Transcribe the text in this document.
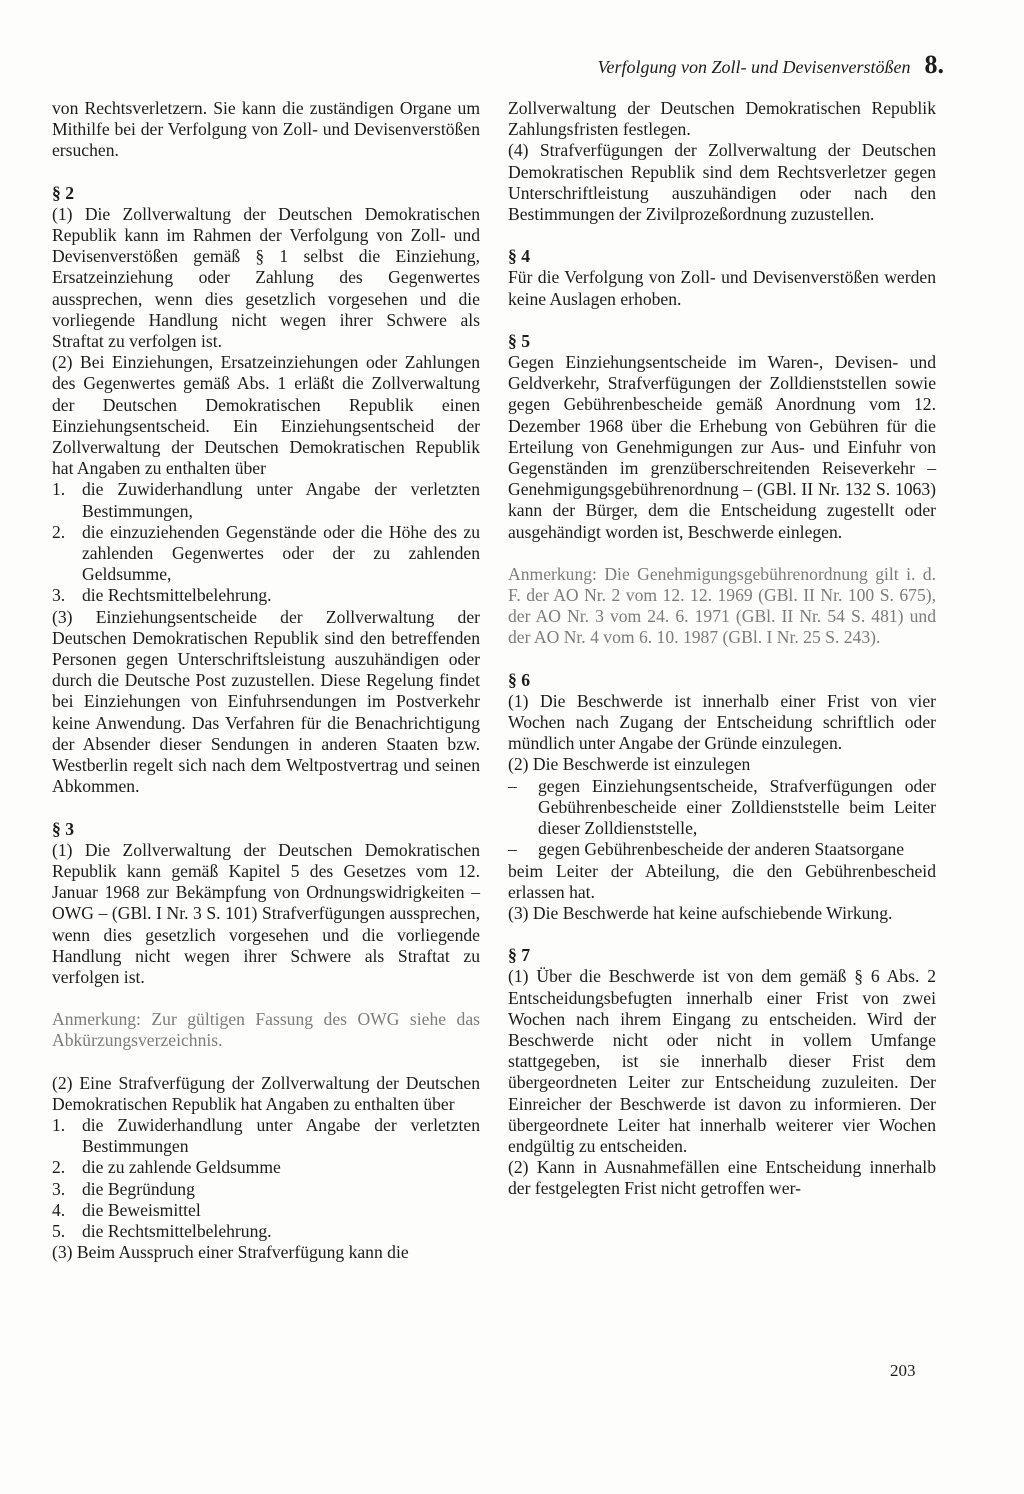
Verfolgung von Zoll- und Devisenverstößen 8.

von Rechtsverletzern. Sie kann die zuständigen Organe um Mithilfe bei der Verfolgung von Zoll- und Devisenverstößen ersuchen.

§ 2

(1) Die Zollverwaltung der Deutschen Demokratischen Republik kann im Rahmen der Verfolgung von Zoll- und Devisenverstößen gemäß § 1 selbst die Einziehung, Ersatzeinziehung oder Zahlung des Gegenwertes aussprechen, wenn dies gesetzlich vorgesehen und die vorliegende Handlung nicht wegen ihrer Schwere als Straftat zu verfolgen ist.

(2) Bei Einziehungen, Ersatzeinziehungen oder Zahlungen des Gegenwertes gemäß Abs. 1 erläßt die Zollverwaltung der Deutschen Demokratischen Republik einen Einziehungsentscheid. Ein Einziehungsentscheid der Zollverwaltung der Deutschen Demokratischen Republik hat Angaben zu enthalten über

1. die Zuwiderhandlung unter Angabe der verletzten Bestimmungen,

2. die einzuziehenden Gegenstände oder die Höhe des zu zahlenden Gegenwertes oder der zu zahlenden Geldsumme,

3. die Rechtsmittelbelehrung.

(3) Einziehungsentscheide der Zollverwaltung der Deutschen Demokratischen Republik sind den betreffenden Personen gegen Unterschriftsleistung auszuhändigen oder durch die Deutsche Post zuzustellen. Diese Regelung findet bei Einziehungen von Einfuhrsendungen im Postverkehr keine Anwendung. Das Verfahren für die Benachrichtigung der Absender dieser Sendungen in anderen Staaten bzw. Westberlin regelt sich nach dem Weltpostvertrag und seinen Abkommen.

§ 3

(1) Die Zollverwaltung der Deutschen Demokratischen Republik kann gemäß Kapitel 5 des Gesetzes vom 12. Januar 1968 zur Bekämpfung von Ordnungswidrigkeiten – OWG – (GBl. I Nr. 3 S. 101) Strafverfügungen aussprechen, wenn dies gesetzlich vorgesehen und die vorliegende Handlung nicht wegen ihrer Schwere als Straftat zu verfolgen ist.

Anmerkung: Zur gültigen Fassung des OWG siehe das Abkürzungsverzeichnis.

(2) Eine Strafverfügung der Zollverwaltung der Deutschen Demokratischen Republik hat Angaben zu enthalten über

1. die Zuwiderhandlung unter Angabe der verletzten Bestimmungen

2. die zu zahlende Geldsumme

3. die Begründung

4. die Beweismittel

5. die Rechtsmittelbelehrung.

(3) Beim Ausspruch einer Strafverfügung kann die

Zollverwaltung der Deutschen Demokratischen Republik Zahlungsfristen festlegen.

(4) Strafverfügungen der Zollverwaltung der Deutschen Demokratischen Republik sind dem Rechtsverletzer gegen Unterschriftleistung auszuhändigen oder nach den Bestimmungen der Zivilprozeßordnung zuzustellen.

§ 4

Für die Verfolgung von Zoll- und Devisenverstößen werden keine Auslagen erhoben.

§ 5

Gegen Einziehungsentscheide im Waren-, Devisen- und Geldverkehr, Strafverfügungen der Zolldienststellen sowie gegen Gebührenbescheide gemäß Anordnung vom 12. Dezember 1968 über die Erhebung von Gebühren für die Erteilung von Genehmigungen zur Aus- und Einfuhr von Gegenständen im grenzüberschreitenden Reiseverkehr – Genehmigungsgebührenordnung – (GBl. II Nr. 132 S. 1063) kann der Bürger, dem die Entscheidung zugestellt oder ausgehändigt worden ist, Beschwerde einlegen.

Anmerkung: Die Genehmigungsgebührenordnung gilt i. d. F. der AO Nr. 2 vom 12. 12. 1969 (GBl. II Nr. 100 S. 675), der AO Nr. 3 vom 24. 6. 1971 (GBl. II Nr. 54 S. 481) und der AO Nr. 4 vom 6. 10. 1987 (GBl. I Nr. 25 S. 243).

§ 6

(1) Die Beschwerde ist innerhalb einer Frist von vier Wochen nach Zugang der Entscheidung schriftlich oder mündlich unter Angabe der Gründe einzulegen.

(2) Die Beschwerde ist einzulegen

– gegen Einziehungsentscheide, Strafverfügungen oder Gebührenbescheide einer Zolldienststelle beim Leiter dieser Zolldienststelle,

– gegen Gebührenbescheide der anderen Staatsorgane

beim Leiter der Abteilung, die den Gebührenbescheid erlassen hat.

(3) Die Beschwerde hat keine aufschiebende Wirkung.

§ 7

(1) Über die Beschwerde ist von dem gemäß § 6 Abs. 2 Entscheidungsbefugten innerhalb einer Frist von zwei Wochen nach ihrem Eingang zu entscheiden. Wird der Beschwerde nicht oder nicht in vollem Umfange stattgegeben, ist sie innerhalb dieser Frist dem übergeordneten Leiter zur Entscheidung zuzuleiten. Der Einreicher der Beschwerde ist davon zu informieren. Der übergeordnete Leiter hat innerhalb weiterer vier Wochen endgültig zu entscheiden.

(2) Kann in Ausnahmefällen eine Entscheidung innerhalb der festgelegten Frist nicht getroffen wer-

203
